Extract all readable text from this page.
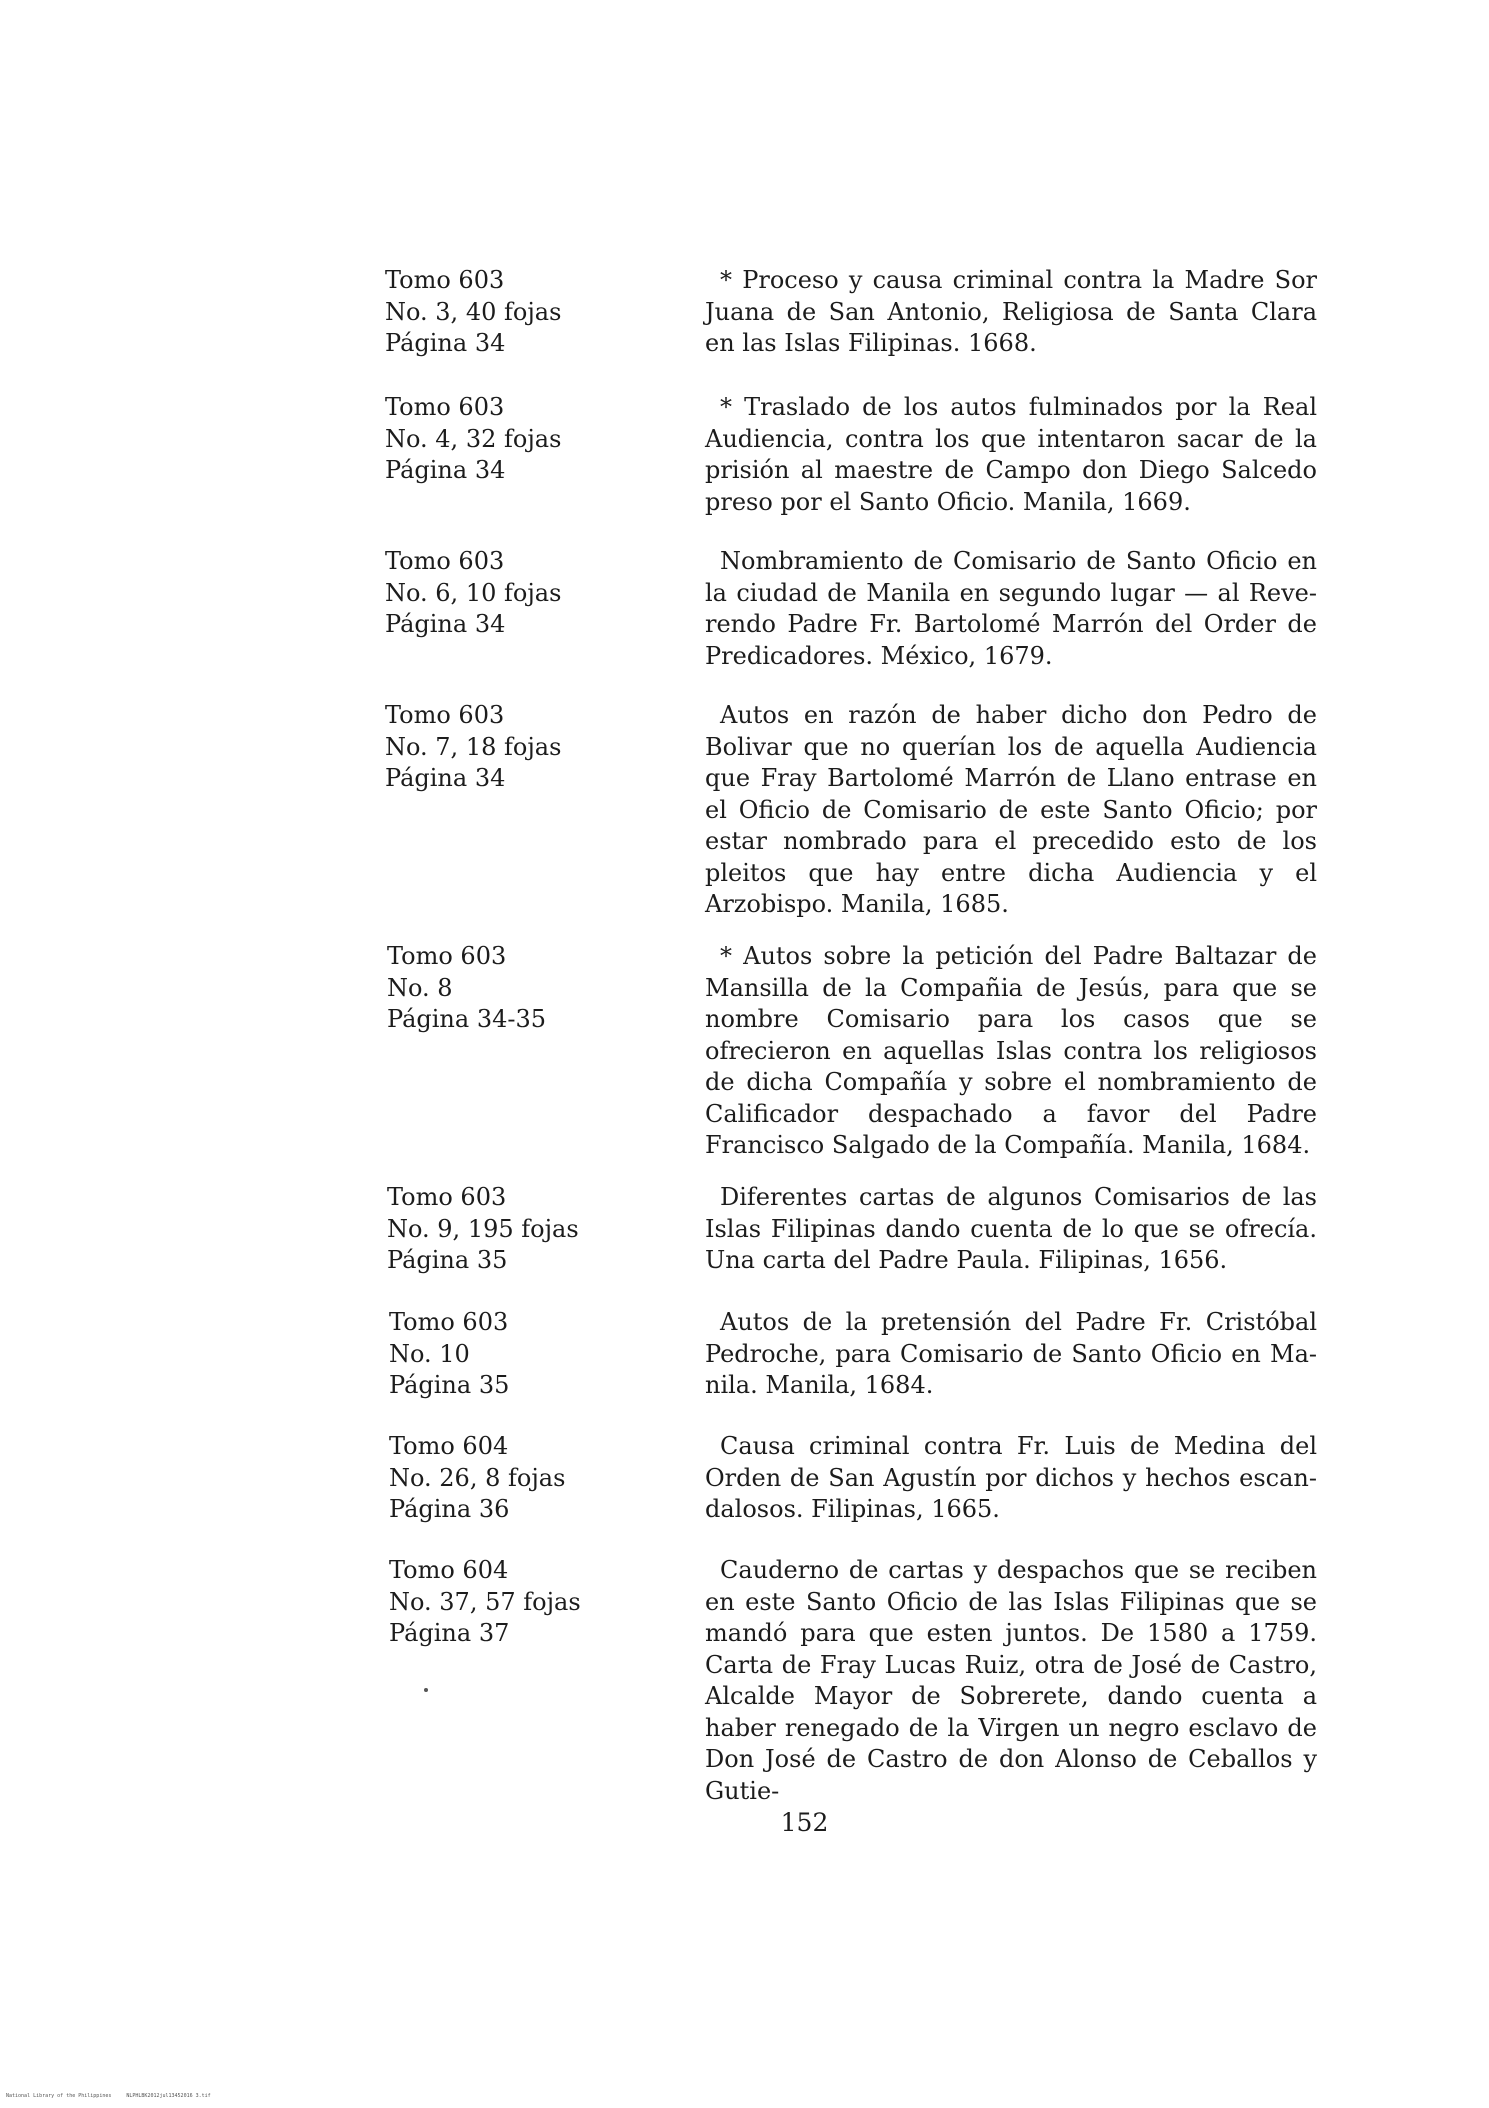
Tomo 603
No. 3, 40 fojas
Página 34

* Proceso y causa criminal contra la Madre Sor Juana de San Antonio, Religiosa de Santa Clara en las Islas Filipinas. 1668.

Tomo 603
No. 4, 32 fojas
Página 34

* Traslado de los autos fulminados por la Real Audiencia, contra los que intentaron sacar de la prisión al maestre de Campo don Diego Salcedo preso por el Santo Oficio. Manila, 1669.

Tomo 603
No. 6, 10 fojas
Página 34

Nombramiento de Comisario de Santo Oficio en la ciudad de Manila en segundo lugar — al Reverendo Padre Fr. Bartolomé Marrón del Order de Predicadores. México, 1679.

Tomo 603
No. 7, 18 fojas
Página 34

Autos en razón de haber dicho don Pedro de Bolivar que no querían los de aquella Audiencia que Fray Bartolomé Marrón de Llano entrase en el Oficio de Comisario de este Santo Oficio; por estar nombrado para el precedido esto de los pleitos que hay entre dicha Audiencia y el Arzobispo. Manila, 1685.

Tomo 603
No. 8
Página 34-35

* Autos sobre la petición del Padre Baltazar de Mansilla de la Compañia de Jesús, para que se nombre Comisario para los casos que se ofrecieron en aquellas Islas contra los religiosos de dicha Compañía y sobre el nombramiento de Calificador despachado a favor del Padre Francisco Salgado de la Compañía. Manila, 1684.

Tomo 603
No. 9, 195 fojas
Página 35

Diferentes cartas de algunos Comisarios de las Islas Filipinas dando cuenta de lo que se ofrecía. Una carta del Padre Paula. Filipinas, 1656.

Tomo 603
No. 10
Página 35

Autos de la pretensión del Padre Fr. Cristóbal Pedroche, para Comisario de Santo Oficio en Manila. Manila, 1684.

Tomo 604
No. 26, 8 fojas
Página 36

Causa criminal contra Fr. Luis de Medina del Orden de San Agustín por dichos y hechos escandalosos. Filipinas, 1665.

Tomo 604
No. 37, 57 fojas
Página 37

Cauderno de cartas y despachos que se reciben en este Santo Oficio de las Islas Filipinas que se mandó para que esten juntos. De 1580 a 1759. Carta de Fray Lucas Ruiz, otra de José de Castro, Alcalde Mayor de Sobrerete, dando cuenta a haber renegado de la Virgen un negro esclavo de Don José de Castro de don Alonso de Ceballos y Gutie-

152
National Library of the Philippines	NLPHLBK2012jul13452016 3.tif
